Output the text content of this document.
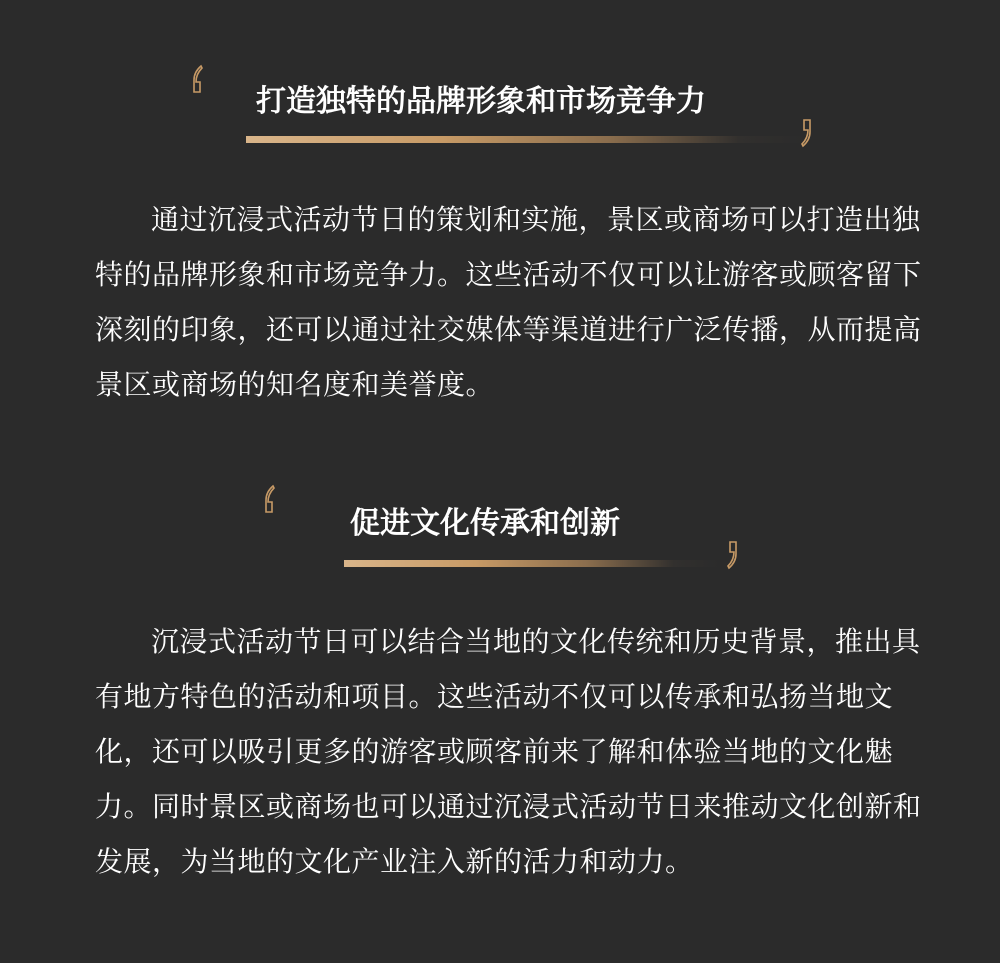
打造独特的品牌形象和市场竞争力

通过沉浸式活动节日的策划和实施，景区或商场可以打造出独特的品牌形象和市场竞争力。这些活动不仅可以让游客或顾客留下深刻的印象，还可以通过社交媒体等渠道进行广泛传播，从而提高景区或商场的知名度和美誉度。

促进文化传承和创新

沉浸式活动节日可以结合当地的文化传统和历史背景，推出具有地方特色的活动和项目。这些活动不仅可以传承和弘扬当地文化，还可以吸引更多的游客或顾客前来了解和体验当地的文化魅力。同时景区或商场也可以通过沉浸式活动节日来推动文化创新和发展，为当地的文化产业注入新的活力和动力。
